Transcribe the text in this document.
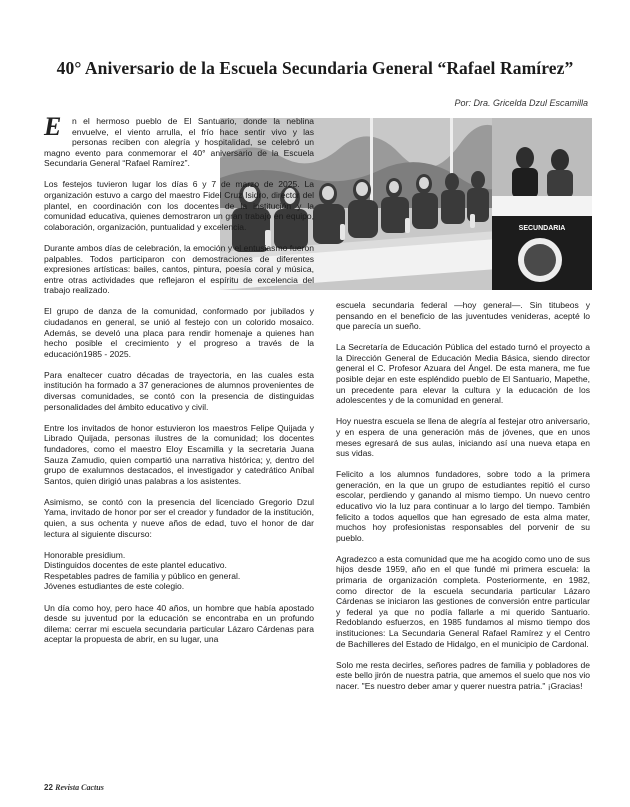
40° Aniversario de la Escuela Secundaria General “Rafael Ramírez”
Por: Dra. Gricelda Dzul Escamilla
SECUNDARIA

E	n el hermoso pueblo de El Santuario, donde la neblina envuelve, el viento arrulla, el frío hace sentir vivo y las personas reciben con alegría y hospitalidad, se celebró un magno evento para conmemorar el 40° aniversario de la Escuela Secundaria General “Rafael Ramírez”.

Los festejos tuvieron lugar los días 6 y 7 de marzo de 2025. La organización estuvo a cargo del maestro Fidel Cruz Isidro, director del plantel, en coordinación con los docentes de la institución y la comunidad educativa, quienes demostraron un gran trabajo en equipo, colaboración, organización, puntualidad y excelencia.

Durante ambos días de celebración, la emoción y el entusiasmo fueron palpables. Todos participaron con demostraciones de diferentes expresiones artísticas: bailes, cantos, pintura, poesía coral y música, entre otras actividades que reflejaron el espíritu de excelencia del trabajo realizado.

El grupo de danza de la comunidad, conformado por jubilados y ciudadanos en general, se unió al festejo con un colorido mosaico. Además, se develó una placa para rendir homenaje a quienes han hecho posible el crecimiento y el progreso a través de la educación1985 - 2025.

Para enaltecer cuatro décadas de trayectoria, en las cuales esta institución ha formado a 37 generaciones de alumnos provenientes de diversas comunidades, se contó con la presencia de distinguidas personalidades del ámbito educativo y civil.

Entre los invitados de honor estuvieron los maestros Felipe Quijada y Librado Quijada, personas ilustres de la comunidad; los docentes fundadores, como el maestro Eloy Escamilla y la secretaria Juana Sauza Zamudio, quien compartió una narrativa histórica; y, dentro del grupo de exalumnos destacados, el investigador y catedrático Aníbal Santos, quien dirigió unas palabras a los asistentes.

Asimismo, se contó con la presencia del licenciado Gregorio Dzul Yama, invitado de honor por ser el creador y fundador de la institución, quien, a sus ochenta y nueve años de edad, tuvo el honor de dar lectura al siguiente discurso:

Honorable presidium.

Distinguidos docentes de este plantel educativo.

Respetables padres de familia y público en general.

Jóvenes estudiantes de este colegio.

Un día como hoy, pero hace 40 años, un hombre que había apostado desde su juventud por la educación se encontraba en un profundo dilema: cerrar mi escuela secundaria particular Lázaro Cárdenas para aceptar la propuesta de abrir, en su lugar, una

escuela secundaria federal —hoy general—. Sin titubeos y pensando en el beneficio de las juventudes venideras, acepté lo que parecía un sueño.

La Secretaría de Educación Pública del estado turnó el proyecto a la Dirección General de Educación Media Básica, siendo director general el C. Profesor Azuara del Ángel. De esta manera, me fue posible dejar en este espléndido pueblo de El Santuario, Mapethe, un precedente para elevar la cultura y la educación de los adolescentes y de la comunidad en general.

Hoy nuestra escuela se llena de alegría al festejar otro aniversario, y en espera de una generación más de jóvenes, que en unos meses egresará de sus aulas, iniciando así una nueva etapa en sus vidas.

Felicito a los alumnos fundadores, sobre todo a la primera generación, en la que un grupo de estudiantes repitió el curso escolar, perdiendo y ganando al mismo tiempo. Un nuevo centro educativo vio la luz para continuar a lo largo del tiempo. También felicito a todos aquellos que han egresado de esta alma mater, muchos hoy profesionistas responsables del porvenir de su pueblo.

Agradezco a esta comunidad que me ha acogido como uno de sus hijos desde 1959, año en el que fundé mi primera escuela: la primaria de organización completa. Posteriormente, en 1982, como director de la escuela secundaria particular Lázaro Cárdenas se iniciaron las gestiones de conversión entre particular y federal ya que no podía fallarle a mi querido Santuario. Redoblando esfuerzos, en 1985 fundamos al mismo tiempo dos instituciones: La Secundaria General Rafael Ramírez y el Centro de Bachilleres del Estado de Hidalgo, en el municipio de Cardonal.

Solo me resta decirles, señores padres de familia y pobladores de este bello jirón de nuestra patria, que amemos el suelo que nos vio nacer. "Es nuestro deber amar y querer nuestra patria." ¡Gracias!

22 Revista Cactus
